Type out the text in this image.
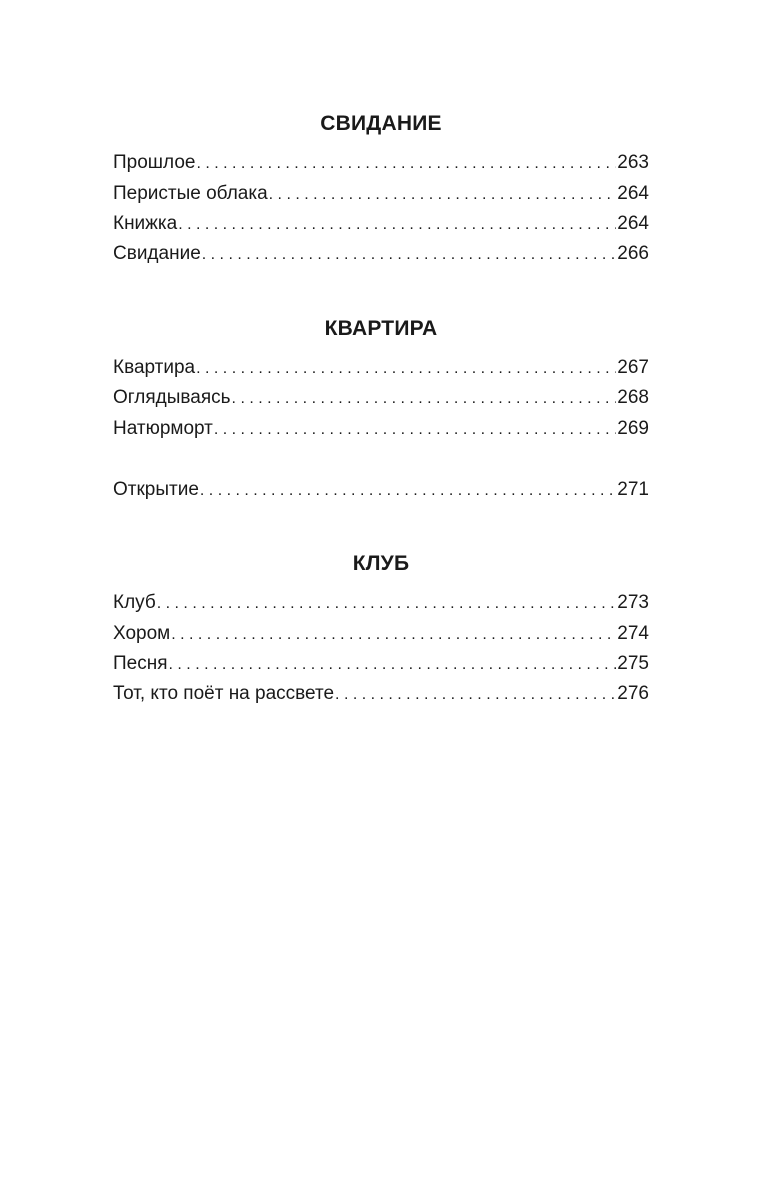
СВИДАНИЕ
Прошлое . . .	263
Перистые облака . . .	264
Книжка . . .	264
Свидание . . .	266
КВАРТИРА
Квартира . . .	267
Оглядываясь . . .	268
Натюрморт . . .	269
Открытие . . .	271
КЛУБ
Клуб . . .	273
Хором . . .	274
Песня . . .	275
Тот, кто поёт на рассвете . . .	276
